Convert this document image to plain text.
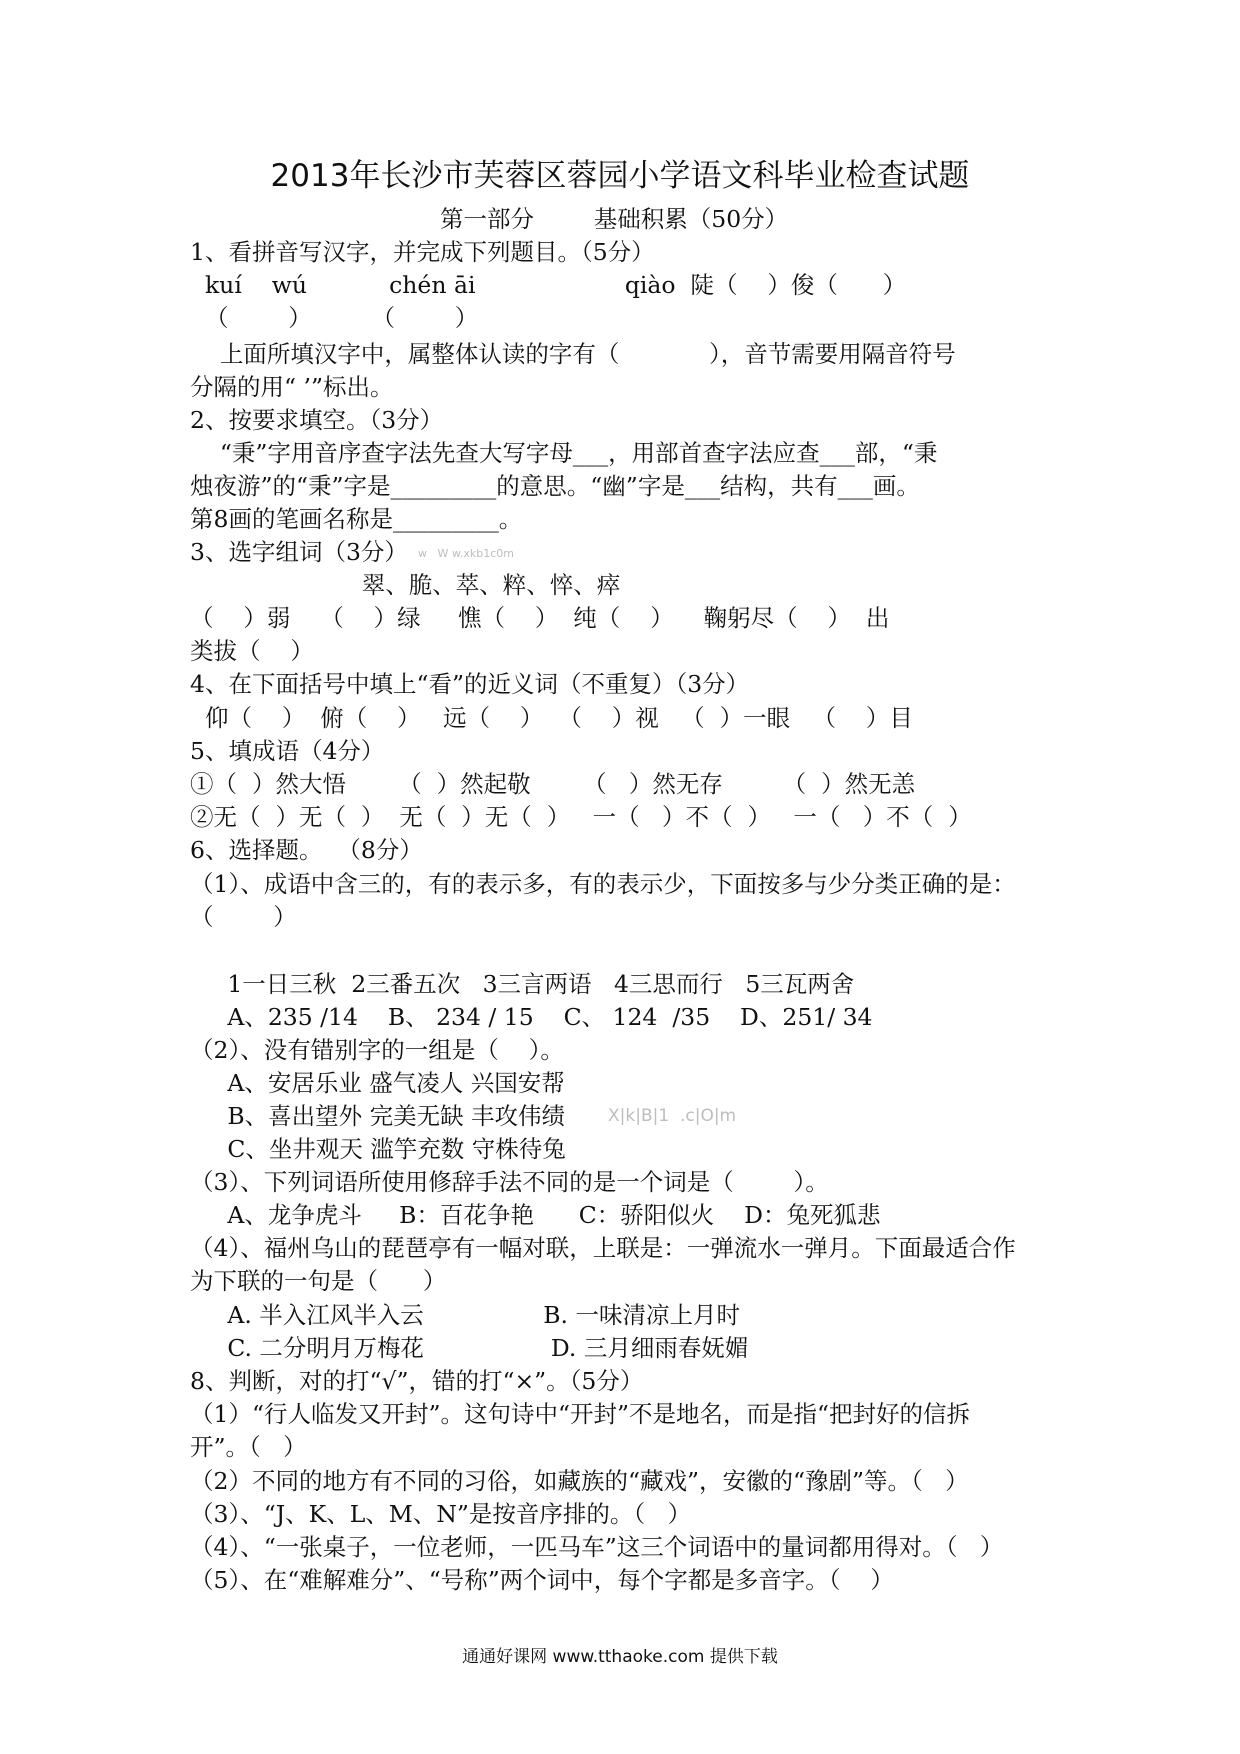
2013年长沙市芙蓉区蓉园小学语文科毕业检查试题
第一部分        基础积累（50分）
1、看拼音写汉字，并完成下列题目。（5分）
kuí    wú           chén āi                    qiào  陡（    ）俊（      ）
（        ）        （        ）
上面所填汉字中，属整体认读的字有（            ），音节需要用隔音符号
分隔的用“ ’”标出。
2、按要求填空。（3分）
“秉”字用音序查字法先查大写字母___，用部首查字法应查___部，“秉
烛夜游”的“秉”字是_________的意思。“幽”字是___结构，共有___画。
第8画的笔画名称是_________。
3、选字组词（3分） w   W w.xkb1c0m
翠、脆、萃、粹、悴、瘁
（    ）弱    （    ）绿     憔（    ）  纯（    ）    鞠躬尽（    ）  出
类拔（    ）
4、在下面括号中填上“看”的近义词（不重复）（3分）
仰（    ）  俯（    ）   远（    ）  （    ）视   （  ）一眼   （    ）目
5、填成语（4分）
①（  ）然大悟       （  ）然起敬       （   ）然无存        （  ）然无恙
②无（  ）无（  ）  无（  ）无（  ）   一（   ）不（  ）   一（   ）不（  ）
6、选择题。  （8分）
（1）、成语中含三的，有的表示多，有的表示少，下面按多与少分类正确的是：
（        ）
1一日三秋  2三番五次   3三言两语   4三思而行   5三瓦两舍
A、235 /14    B、 234 / 15    C、 124  /35    D、251/ 34
（2）、没有错别字的一组是（    ）。
A、安居乐业 盛气凌人 兴国安帮
B、喜出望外 完美无缺 丰攻伟绩	X|k|B|1  .c|O|m
C、坐井观天 滥竽充数 守株待兔
（3）、下列词语所使用修辞手法不同的是一个词是（        ）。
A、龙争虎斗     B：百花争艳      C：骄阳似火    D：兔死狐悲
（4）、福州乌山的琵琶亭有一幅对联，上联是：一弹流水一弹月。下面最适合作
为下联的一句是（      ）
A. 半入江风半入云                B. 一味清凉上月时
C. 二分明月万梅花                 D. 三月细雨春妩媚
8、判断，对的打“√”，错的打“×”。（5分）
（1）“行人临发又开封”。这句诗中“开封”不是地名，而是指“把封好的信拆
开”。（   ）
（2）不同的地方有不同的习俗，如藏族的“藏戏”，安徽的“豫剧”等。（   ）
（3）、“J、K、L、M、N”是按音序排的。（   ）
（4）、“一张桌子，一位老师，一匹马车”这三个词语中的量词都用得对。（   ）
（5）、在“难解难分”、“号称”两个词中，每个字都是多音字。（    ）
通通好课网 www.tthaoke.com 提供下载
